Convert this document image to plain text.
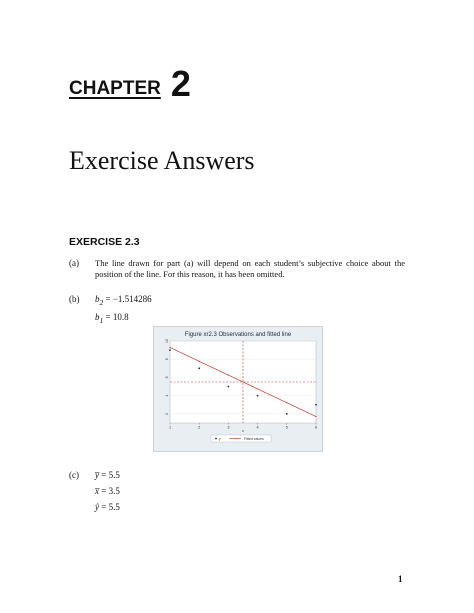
CHAPTER 2
Exercise Answers
EXERCISE 2.3
(a) The line drawn for part (a) will depend on each student’s subjective choice about the position of the line. For this reason, it has been omitted.
(b) $b_2 = -1.514286$
$b_1 = 10.8$
Figure xr2.3 Observations and fitted line
2
4
6
8
10
1	2	3	4	5	6
x
y	Fitted values
(c) y̅ = 5.5
x̅ = 3.5
ŷ = 5.5
1
